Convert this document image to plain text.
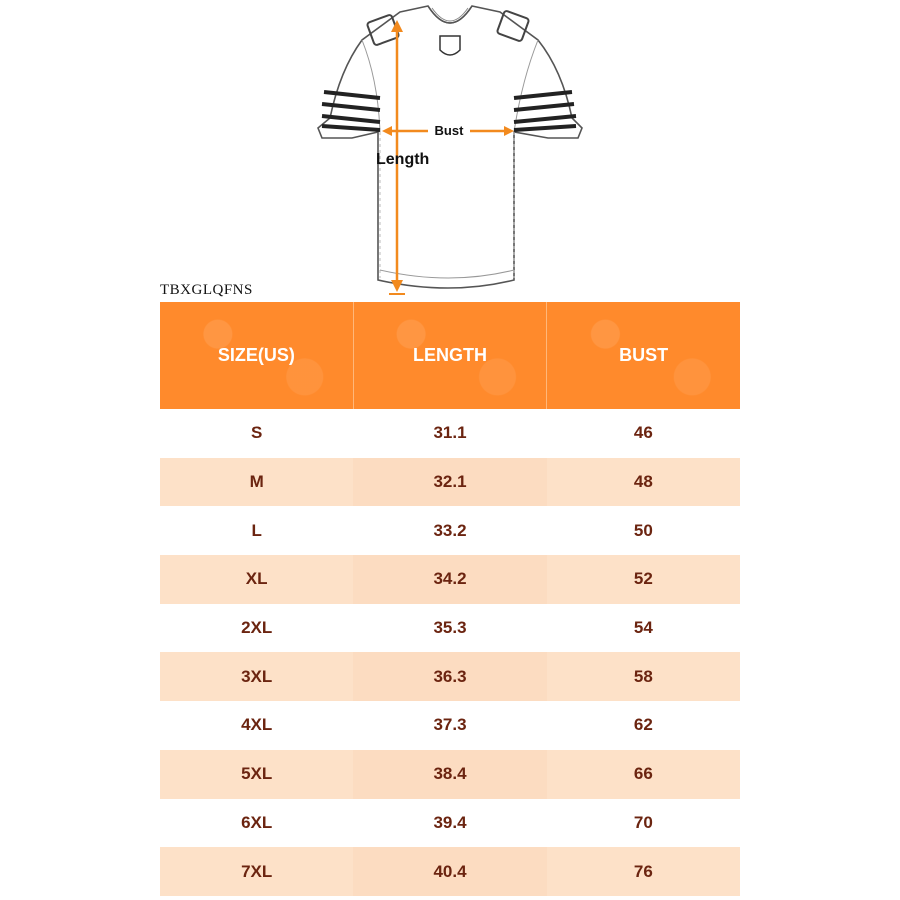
Bust
Length
TBXGLQFNS
SIZE(US)	LENGTH	BUST
S	31.1	46
M	32.1	48
L	33.2	50
XL	34.2	52
2XL	35.3	54
3XL	36.3	58
4XL	37.3	62
5XL	38.4	66
6XL	39.4	70
7XL	40.4	76
